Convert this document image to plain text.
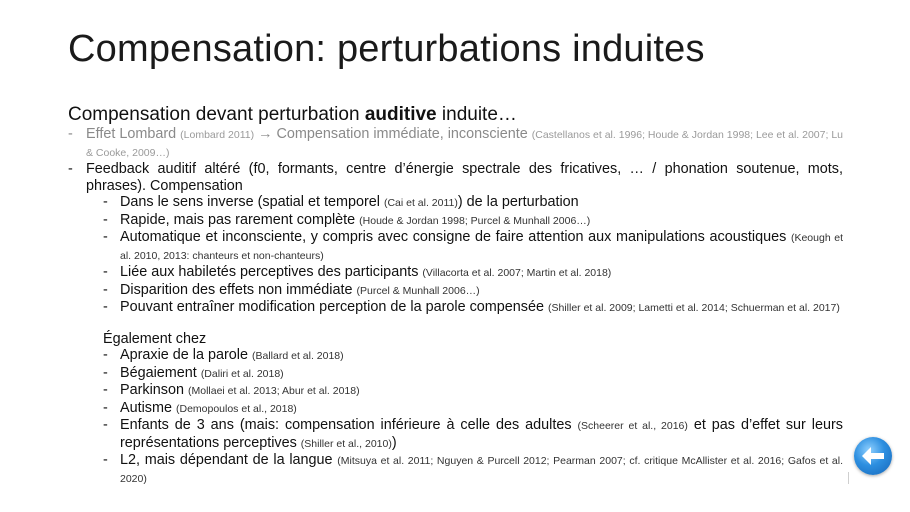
Compensation: perturbations induites
Compensation devant perturbation auditive induite…
- Effet Lombard (Lombard 2011) → Compensation immédiate, inconsciente (Castellanos et al. 1996; Houde & Jordan 1998; Lee et al. 2007; Lu & Cooke, 2009…)
- Feedback auditif altéré (f0, formants, centre d’énergie spectrale des fricatives, … / phonation soutenue, mots, phrases). Compensation
- Dans le sens inverse (spatial et temporel (Cai et al. 2011)) de la perturbation
- Rapide, mais pas rarement complète (Houde & Jordan 1998; Purcel & Munhall 2006…)
- Automatique et inconsciente, y compris avec consigne de faire attention aux manipulations acoustiques (Keough et al. 2010, 2013: chanteurs et non-chanteurs)
- Liée aux habiletés perceptives des participants (Villacorta et al. 2007; Martin et al. 2018)
- Disparition des effets non immédiate (Purcel & Munhall 2006…)
- Pouvant entraîner modification perception de la parole compensée (Shiller et al. 2009; Lametti et al. 2014; Schuerman et al. 2017)
Également chez
- Apraxie de la parole (Ballard et al. 2018)
- Bégaiement (Daliri et al. 2018)
- Parkinson (Mollaei et al. 2013; Abur et al. 2018)
- Autisme (Demopoulos et al., 2018)
- Enfants de 3 ans (mais: compensation inférieure à celle des adultes (Scheerer et al., 2016) et pas d’effet sur leurs représentations perceptives (Shiller et al., 2010))
- L2, mais dépendant de la langue (Mitsuya et al. 2011; Nguyen & Purcell 2012; Pearman 2007; cf. critique McAllister et al. 2016; Gafos et al. 2020)
